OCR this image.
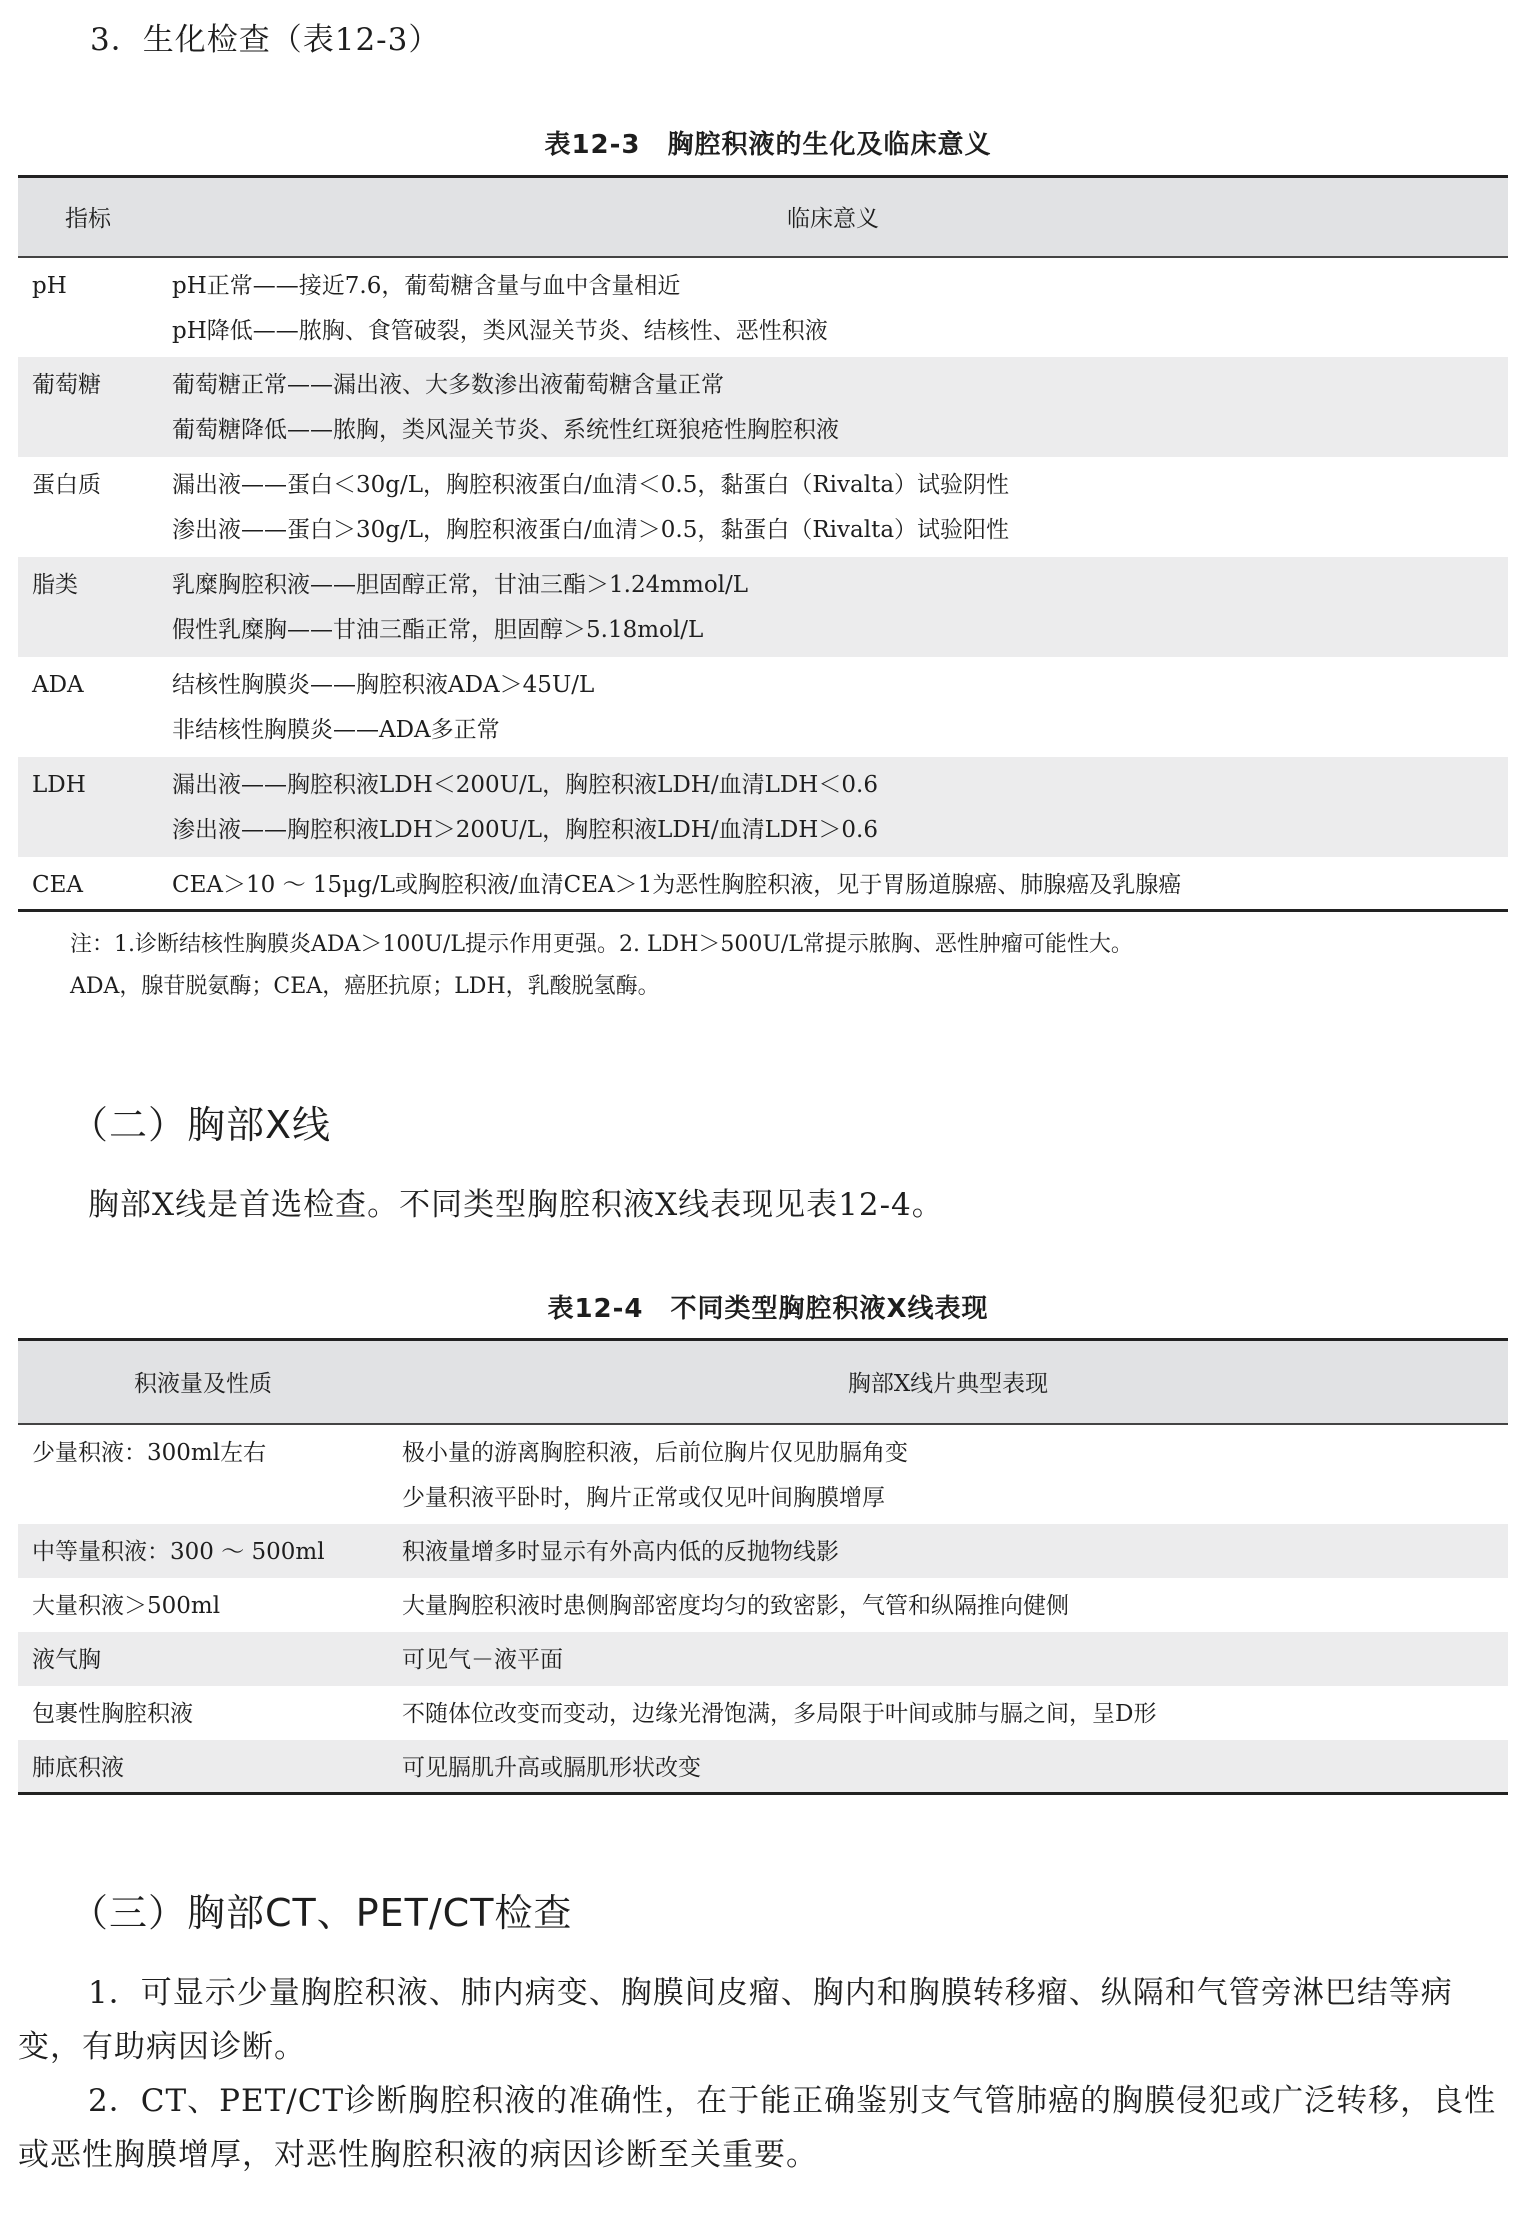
3．生化检查（表12-3）
表12-3　胸腔积液的生化及临床意义
指标	临床意义

pH	pH正常——接近7.6，葡萄糖含量与血中含量相近
pH降低——脓胸、食管破裂，类风湿关节炎、结核性、恶性积液

葡萄糖	葡萄糖正常——漏出液、大多数渗出液葡萄糖含量正常
葡萄糖降低——脓胸，类风湿关节炎、系统性红斑狼疮性胸腔积液

蛋白质	漏出液——蛋白＜30g/L，胸腔积液蛋白/血清＜0.5，黏蛋白（Rivalta）试验阴性
渗出液——蛋白＞30g/L，胸腔积液蛋白/血清＞0.5，黏蛋白（Rivalta）试验阳性

脂类	乳糜胸腔积液——胆固醇正常，甘油三酯＞1.24mmol/L
假性乳糜胸——甘油三酯正常，胆固醇＞5.18mol/L

ADA	结核性胸膜炎——胸腔积液ADA＞45U/L
非结核性胸膜炎——ADA多正常

LDH	漏出液——胸腔积液LDH＜200U/L，胸腔积液LDH/血清LDH＜0.6
渗出液——胸腔积液LDH＞200U/L，胸腔积液LDH/血清LDH＞0.6

CEA	CEA＞10 ～ 15μg/L或胸腔积液/血清CEA＞1为恶性胸腔积液，见于胃肠道腺癌、肺腺癌及乳腺癌
注：1.诊断结核性胸膜炎ADA＞100U/L提示作用更强。2. LDH＞500U/L常提示脓胸、恶性肿瘤可能性大。
ADA，腺苷脱氨酶；CEA，癌胚抗原；LDH，乳酸脱氢酶。
（二）胸部X线
胸部X线是首选检查。不同类型胸腔积液X线表现见表12-4。
表12-4　不同类型胸腔积液X线表现
积液量及性质	胸部X线片典型表现

少量积液：300ml左右	极小量的游离胸腔积液，后前位胸片仅见肋膈角变
少量积液平卧时，胸片正常或仅见叶间胸膜增厚

中等量积液：300 ～ 500ml	积液量增多时显示有外高内低的反抛物线影

大量积液＞500ml	大量胸腔积液时患侧胸部密度均匀的致密影，气管和纵隔推向健侧

液气胸	可见气－液平面

包裹性胸腔积液	不随体位改变而变动，边缘光滑饱满，多局限于叶间或肺与膈之间，呈D形

肺底积液	可见膈肌升高或膈肌形状改变
（三）胸部CT、PET/CT检查
1．可显示少量胸腔积液、肺内病变、胸膜间皮瘤、胸内和胸膜转移瘤、纵隔和气管旁淋巴结等病变，有助病因诊断。
2．CT、PET/CT诊断胸腔积液的准确性，在于能正确鉴别支气管肺癌的胸膜侵犯或广泛转移，良性或恶性胸膜增厚，对恶性胸腔积液的病因诊断至关重要。
